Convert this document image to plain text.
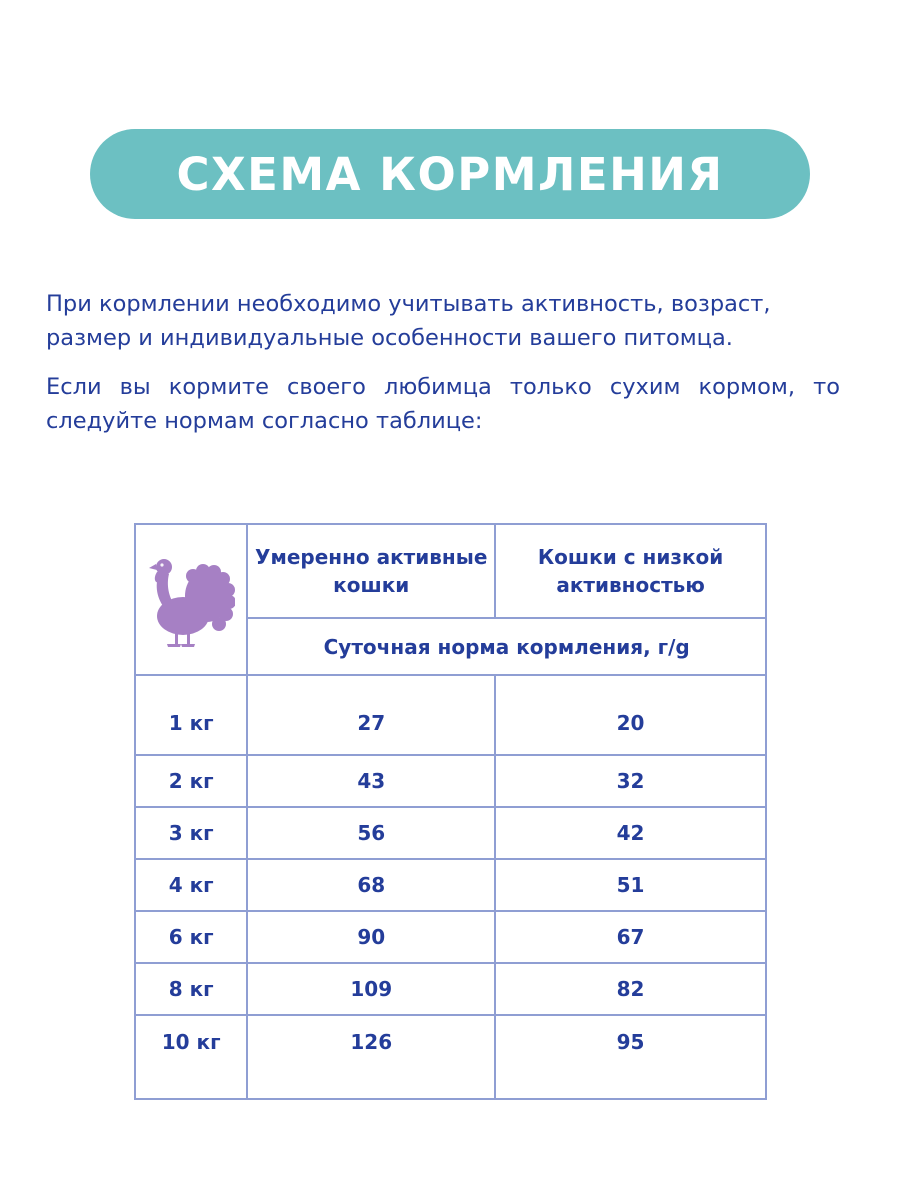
СХЕМА КОРМЛЕНИЯ

При кормлении необходимо учитывать активность, возраст, размер и индивидуальные особенности вашего питомца.

Если вы кормите своего любимца только сухим кормом, то следуйте нормам согласно таблице:

	Умеренно активные кошки	Кошки с низкой активностью
	Суточная норма кормления, г/g	
1 кг	27	20
2 кг	43	32
3 кг	56	42
4 кг	68	51
6 кг	90	67
8 кг	109	82
10 кг	126	95
